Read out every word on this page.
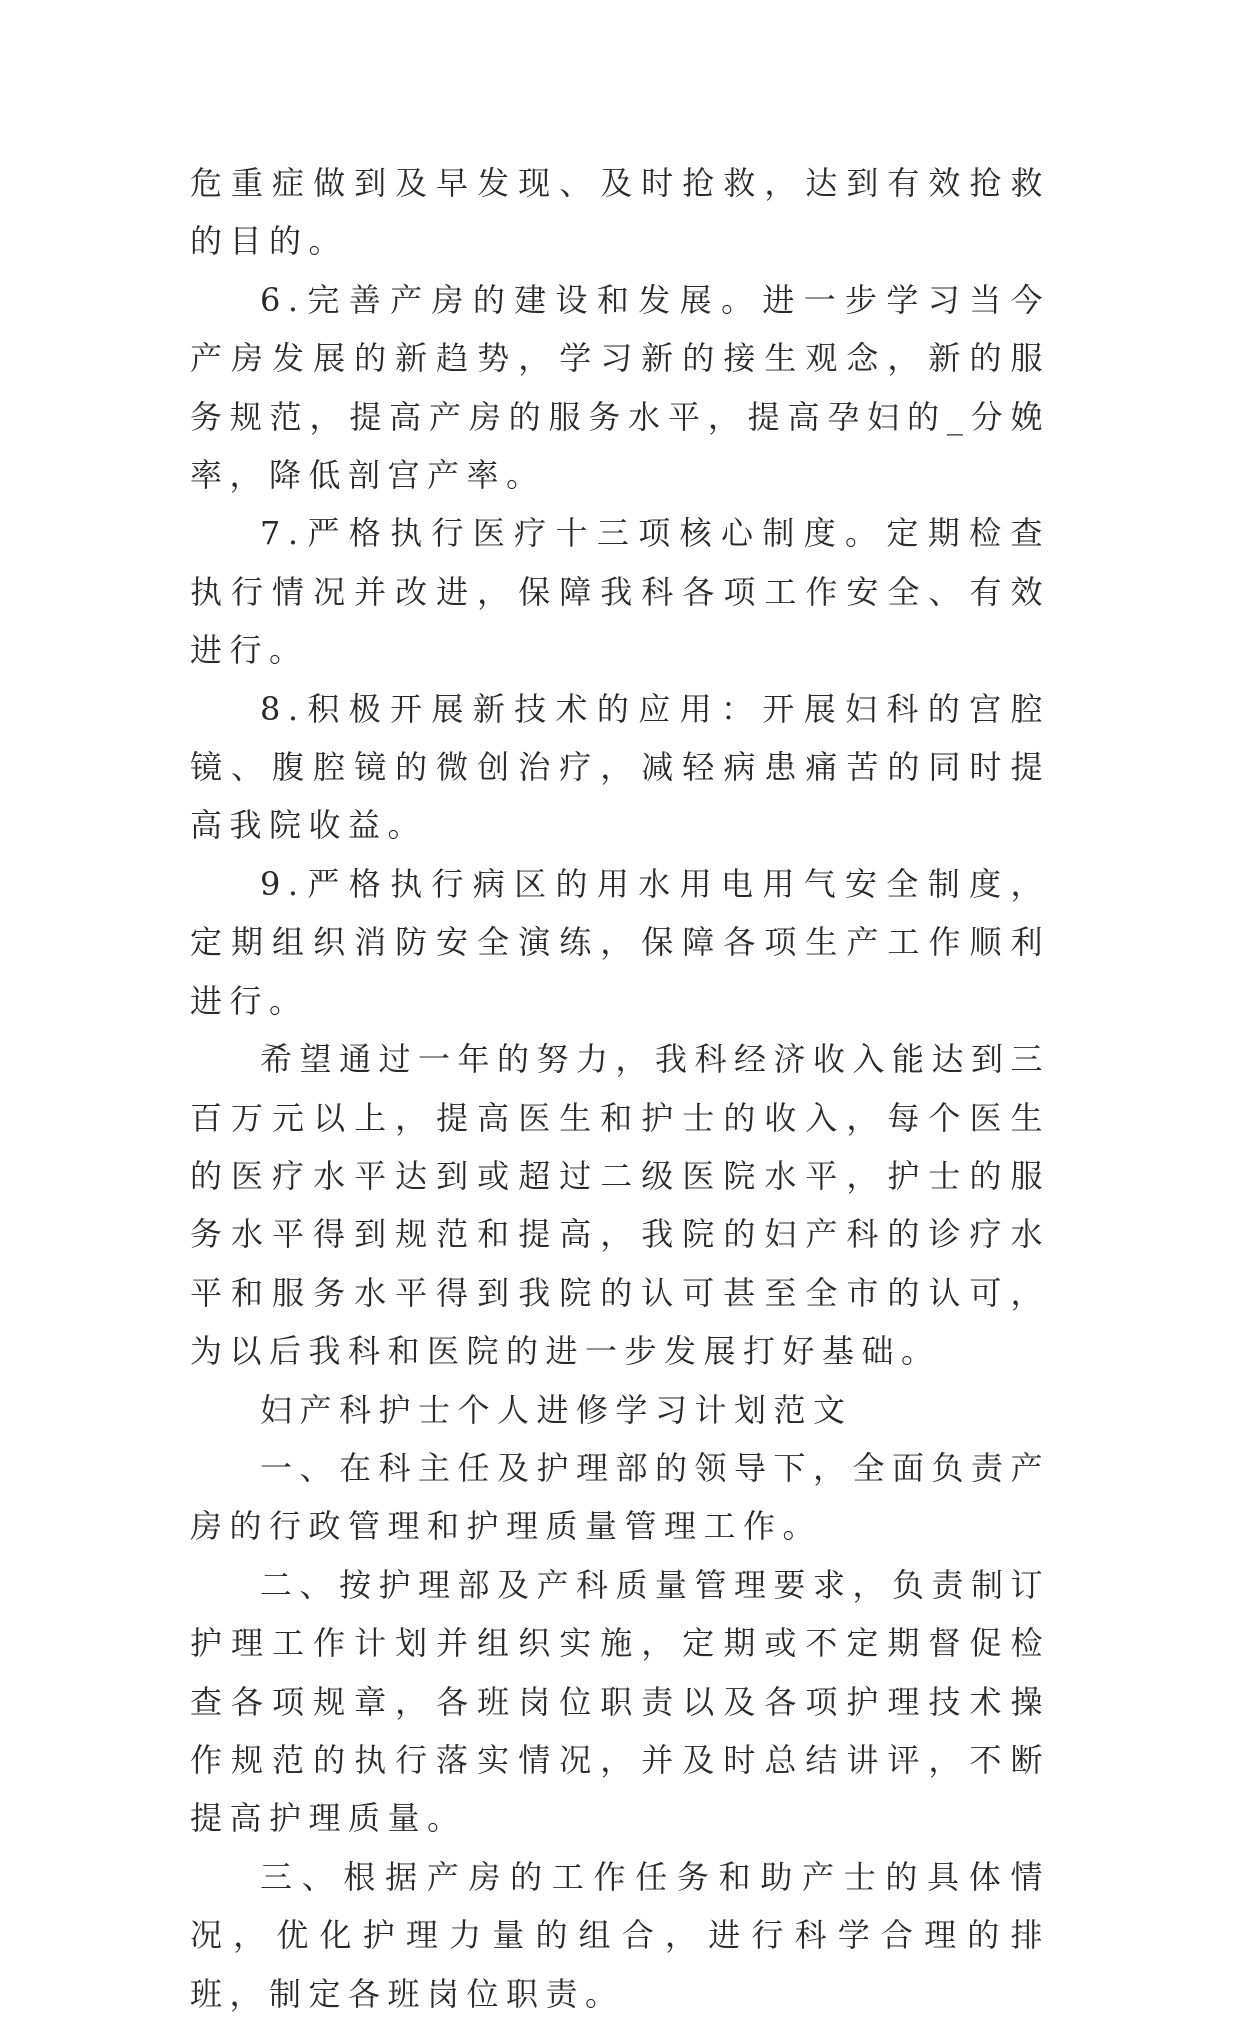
危重症做到及早发现、及时抢救，达到有效抢救的目的。

6.完善产房的建设和发展。进一步学习当今产房发展的新趋势，学习新的接生观念，新的服务规范，提高产房的服务水平，提高孕妇的_分娩率，降低剖宫产率。

7.严格执行医疗十三项核心制度。定期检查执行情况并改进，保障我科各项工作安全、有效进行。

8.积极开展新技术的应用：开展妇科的宫腔镜、腹腔镜的微创治疗，减轻病患痛苦的同时提高我院收益。

9.严格执行病区的用水用电用气安全制度，定期组织消防安全演练，保障各项生产工作顺利进行。

希望通过一年的努力，我科经济收入能达到三百万元以上，提高医生和护士的收入，每个医生的医疗水平达到或超过二级医院水平，护士的服务水平得到规范和提高，我院的妇产科的诊疗水平和服务水平得到我院的认可甚至全市的认可，为以后我科和医院的进一步发展打好基础。

妇产科护士个人进修学习计划范文

一、在科主任及护理部的领导下，全面负责产房的行政管理和护理质量管理工作。

二、按护理部及产科质量管理要求，负责制订护理工作计划并组织实施，定期或不定期督促检查各项规章，各班岗位职责以及各项护理技术操作规范的执行落实情况，并及时总结讲评，不断提高护理质量。

三、根据产房的工作任务和助产士的具体情况，优化护理力量的组合，进行科学合理的排班，制定各班岗位职责。
